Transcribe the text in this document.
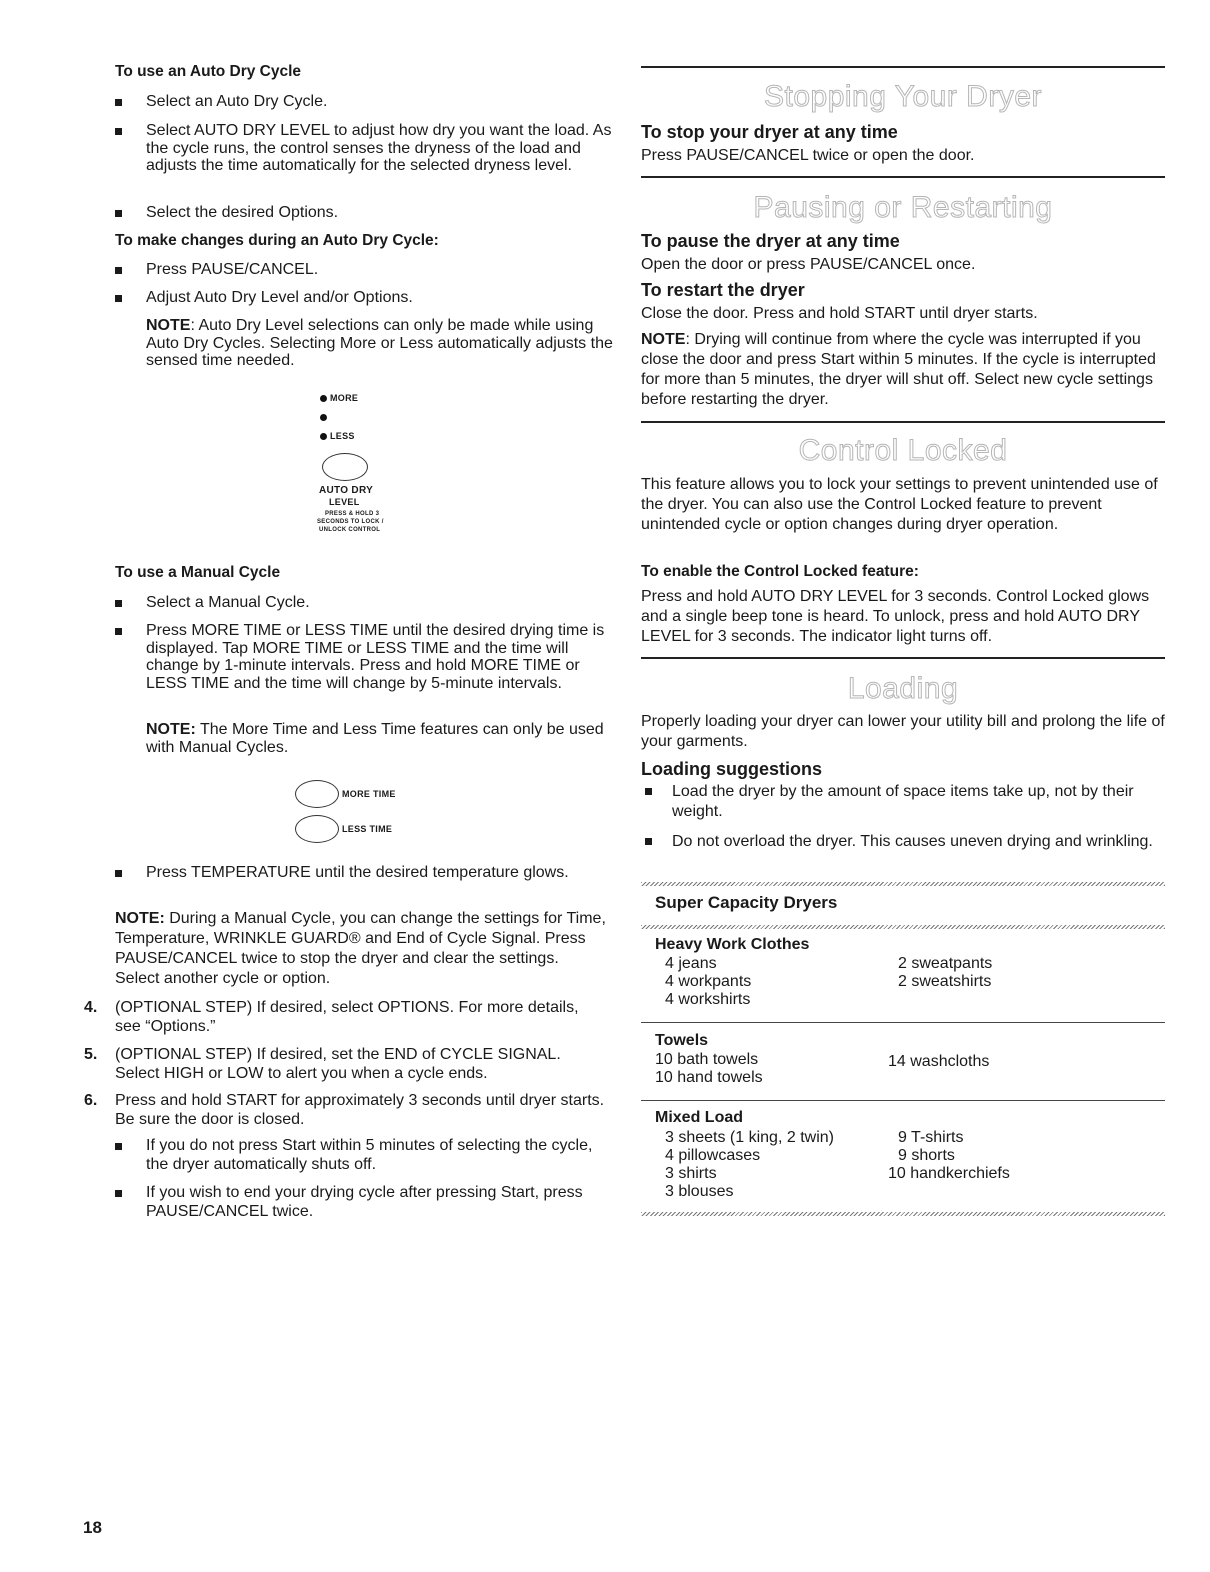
To use an Auto Dry Cycle
Select an Auto Dry Cycle.
Select AUTO DRY LEVEL to adjust how dry you want the load. As the cycle runs, the control senses the dryness of the load and adjusts the time automatically for the selected dryness level.
Select the desired Options.
To make changes during an Auto Dry Cycle:
Press PAUSE/CANCEL.
Adjust Auto Dry Level and/or Options.
NOTE: Auto Dry Level selections can only be made while using Auto Dry Cycles. Selecting More or Less automatically adjusts the sensed time needed.
MORE
LESS
AUTO DRY
LEVEL
PRESS & HOLD 3
SECONDS TO LOCK /
UNLOCK CONTROL
To use a Manual Cycle
Select a Manual Cycle.
Press MORE TIME or LESS TIME until the desired drying time is displayed. Tap MORE TIME or LESS TIME and the time will change by 1-minute intervals. Press and hold MORE TIME or LESS TIME and the time will change by 5-minute intervals.
NOTE: The More Time and Less Time features can only be used with Manual Cycles.
MORE TIME
LESS TIME
Press TEMPERATURE until the desired temperature glows.
NOTE: During a Manual Cycle, you can change the settings for Time, Temperature, WRINKLE GUARD® and End of Cycle Signal. Press PAUSE/CANCEL twice to stop the dryer and clear the settings. Select another cycle or option.
4. (OPTIONAL STEP) If desired, select OPTIONS. For more details, see “Options.”
5. (OPTIONAL STEP) If desired, set the END of CYCLE SIGNAL. Select HIGH or LOW to alert you when a cycle ends.
6. Press and hold START for approximately 3 seconds until dryer starts. Be sure the door is closed.
If you do not press Start within 5 minutes of selecting the cycle, the dryer automatically shuts off.
If you wish to end your drying cycle after pressing Start, press PAUSE/CANCEL twice.
Stopping Your Dryer
To stop your dryer at any time
Press PAUSE/CANCEL twice or open the door.
Pausing or Restarting
To pause the dryer at any time
Open the door or press PAUSE/CANCEL once.
To restart the dryer
Close the door. Press and hold START until dryer starts.
NOTE: Drying will continue from where the cycle was interrupted if you close the door and press Start within 5 minutes. If the cycle is interrupted for more than 5 minutes, the dryer will shut off. Select new cycle settings before restarting the dryer.
Control Locked
This feature allows you to lock your settings to prevent unintended use of the dryer. You can also use the Control Locked feature to prevent unintended cycle or option changes during dryer operation.
To enable the Control Locked feature:
Press and hold AUTO DRY LEVEL for 3 seconds. Control Locked glows and a single beep tone is heard. To unlock, press and hold AUTO DRY LEVEL for 3 seconds. The indicator light turns off.
Loading
Properly loading your dryer can lower your utility bill and prolong the life of your garments.
Loading suggestions
Load the dryer by the amount of space items take up, not by their weight.
Do not overload the dryer. This causes uneven drying and wrinkling.
Super Capacity Dryers
Heavy Work Clothes
4 jeans
4 workpants
4 workshirts
2 sweatpants
2 sweatshirts
Towels
10 bath towels
10 hand towels
14 washcloths
Mixed Load
3 sheets (1 king, 2 twin)
4 pillowcases
3 shirts
3 blouses
9 T-shirts
9 shorts
10 handkerchiefs
18
